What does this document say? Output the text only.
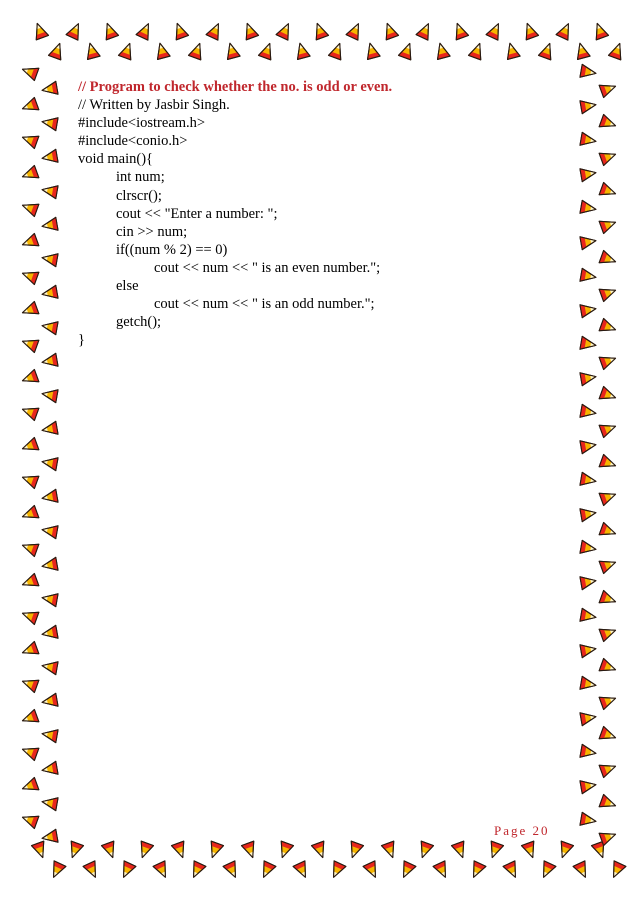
// Program to check whether the no. is odd or even.
// Written by Jasbir Singh.
#include<iostream.h>
#include<conio.h>
void main(){
int num;
clrscr();
cout << "Enter a number: ";
cin >> num;
if((num % 2) == 0)
cout << num << " is an even number.";
else
cout << num << " is an odd number.";
getch();
}
Page 20
